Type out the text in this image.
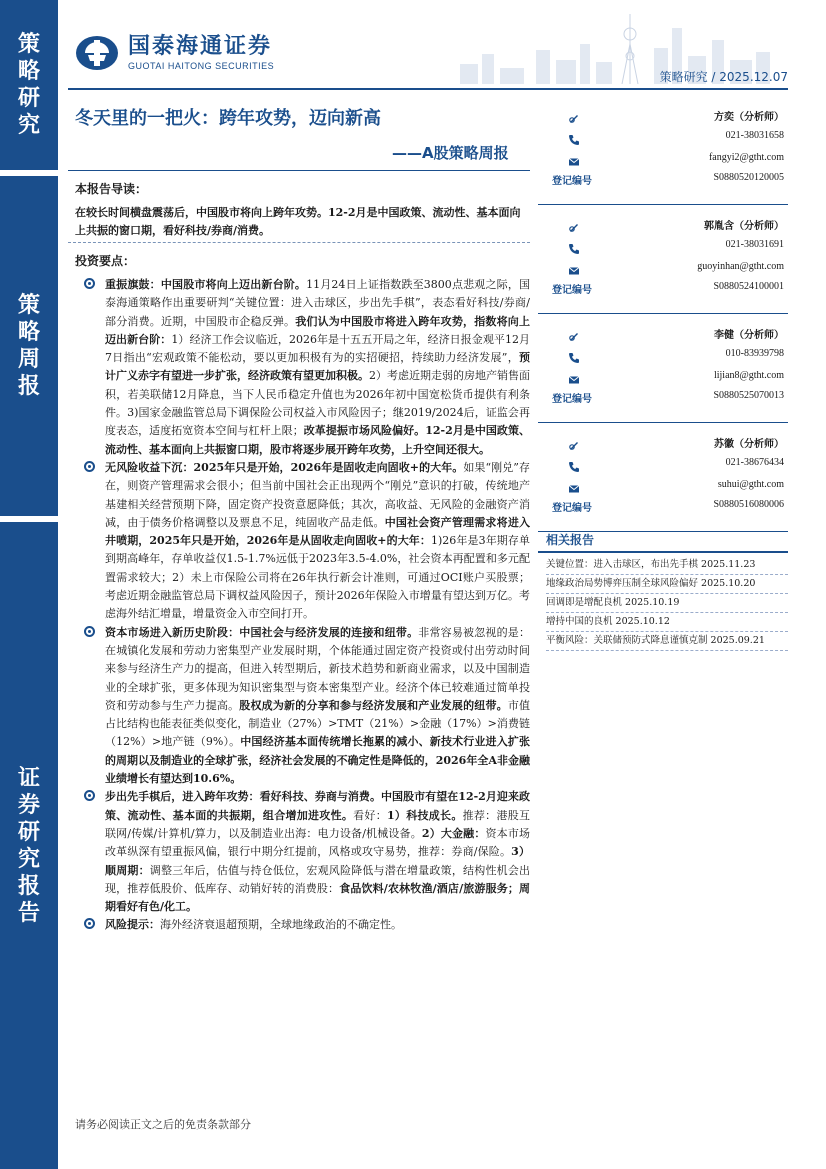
策
略
研
究
策
略
周
报
证
券
研
究
报
告
国泰海通证券
GUOTAI HAITONG SECURITIES
策略研究 / 2025.12.07
冬天里的一把火：跨年攻势，迈向新高
——A股策略周报
本报告导读：
在较长时间横盘震荡后，中国股市将向上跨年攻势。12-2月是中国政策、流动性、基本面向上共振的窗口期，看好科技/券商/消费。
投资要点：
重振旗鼓：中国股市将向上迈出新台阶。11月24日上证指数跌至3800点悲观之际，国泰海通策略作出重要研判“关键位置：进入击球区，步出先手棋”，表态看好科技/券商/部分消费。近期，中国股市企稳反弹。我们认为中国股市将进入跨年攻势，指数将向上迈出新台阶：1）经济工作会议临近，2026年是十五五开局之年，经济日报金观平12月7日指出“宏观政策不能松动，要以更加积极有为的实招硬招，持续助力经济发展”，预计广义赤字有望进一步扩张，经济政策有望更加积极。2）考虑近期走弱的房地产销售面积，若美联储12月降息，当下人民币稳定升值也为2026年初中国宽松货币提供有利条件。3)国家金融监管总局下调保险公司权益入市风险因子；继2019/2024后，证监会再度表态，适度拓宽资本空间与杠杆上限；改革提振市场风险偏好。12-2月是中国政策、流动性、基本面向上共振窗口期，股市将逐步展开跨年攻势，上升空间还很大。
无风险收益下沉：2025年只是开始，2026年是固收走向固收+的大年。如果“刚兑”存在，则资产管理需求会很小；但当前中国社会正出现两个“刚兑”意识的打破，传统地产基建相关经营预期下降，固定资产投资意愿降低；其次，高收益、无风险的金融资产消减，由于债务价格调整以及票息不足，纯固收产品走低。中国社会资产管理需求将进入井喷期，2025年只是开始，2026年是从固收走向固收+的大年：1)26年是3年期存单到期高峰年，存单收益仅1.5-1.7%远低于2023年3.5-4.0%，社会资本再配置和多元配置需求较大；2）未上市保险公司将在26年执行新会计准则，可通过OCI账户买股票；考虑近期金融监管总局下调权益风险因子，预计2026年保险入市增量有望达到万亿。考虑海外结汇增量，增量资金入市空间打开。
资本市场进入新历史阶段：中国社会与经济发展的连接和纽带。非常容易被忽视的是：在城镇化发展和劳动力密集型产业发展时期，个体能通过固定资产投资或付出劳动时间来参与经济生产力的提高，但进入转型期后，新技术趋势和新商业需求，以及中国制造业的全球扩张，更多体现为知识密集型与资本密集型产业。经济个体已较难通过简单投资和劳动参与生产力提高。股权成为新的分享和参与经济发展和产业发展的纽带。市值占比结构也能表征类似变化，制造业（27%）>TMT（21%）>金融（17%）>消费链（12%）>地产链（9%）。中国经济基本面传统增长拖累的减小、新技术行业进入扩张的周期以及制造业的全球扩张，经济社会发展的不确定性是降低的，2026年全A非金融业绩增长有望达到10.6%。
步出先手棋后，进入跨年攻势：看好科技、券商与消费。中国股市有望在12-2月迎来政策、流动性、基本面的共振期，组合增加进攻性。看好：1）科技成长。推荐：港股互联网/传媒/计算机/算力，以及制造业出海：电力设备/机械设备。2）大金融：资本市场改革纵深有望重振风偏，银行中期分红提前，风格或攻守易势，推荐：券商/保险。3）顺周期：调整三年后，估值与持仓低位，宏观风险降低与潜在增量政策，结构性机会出现，推荐低股价、低库存、动销好转的消费股：食品饮料/农林牧渔/酒店/旅游服务；周期看好有色/化工。
风险提示：海外经济衰退超预期，全球地缘政治的不确定性。
请务必阅读正文之后的免责条款部分
方奕（分析师）
021-38031658
fangyi2@gtht.com
S0880520120005
登记编号
郭胤含（分析师）
021-38031691
guoyinhan@gtht.com
S0880524100001
登记编号
李健（分析师）
010-83939798
lijian8@gtht.com
S0880525070013
登记编号
苏徽（分析师）
021-38676434
suhui@gtht.com
S0880516080006
登记编号
相关报告
关键位置：进入击球区，布出先手棋 2025.11.23
地缘政治局势博弈压制全球风险偏好 2025.10.20
回调即是增配良机 2025.10.19
增持中国的良机 2025.10.12
平衡风险：关联储预防式降息谨慎克制 2025.09.21
